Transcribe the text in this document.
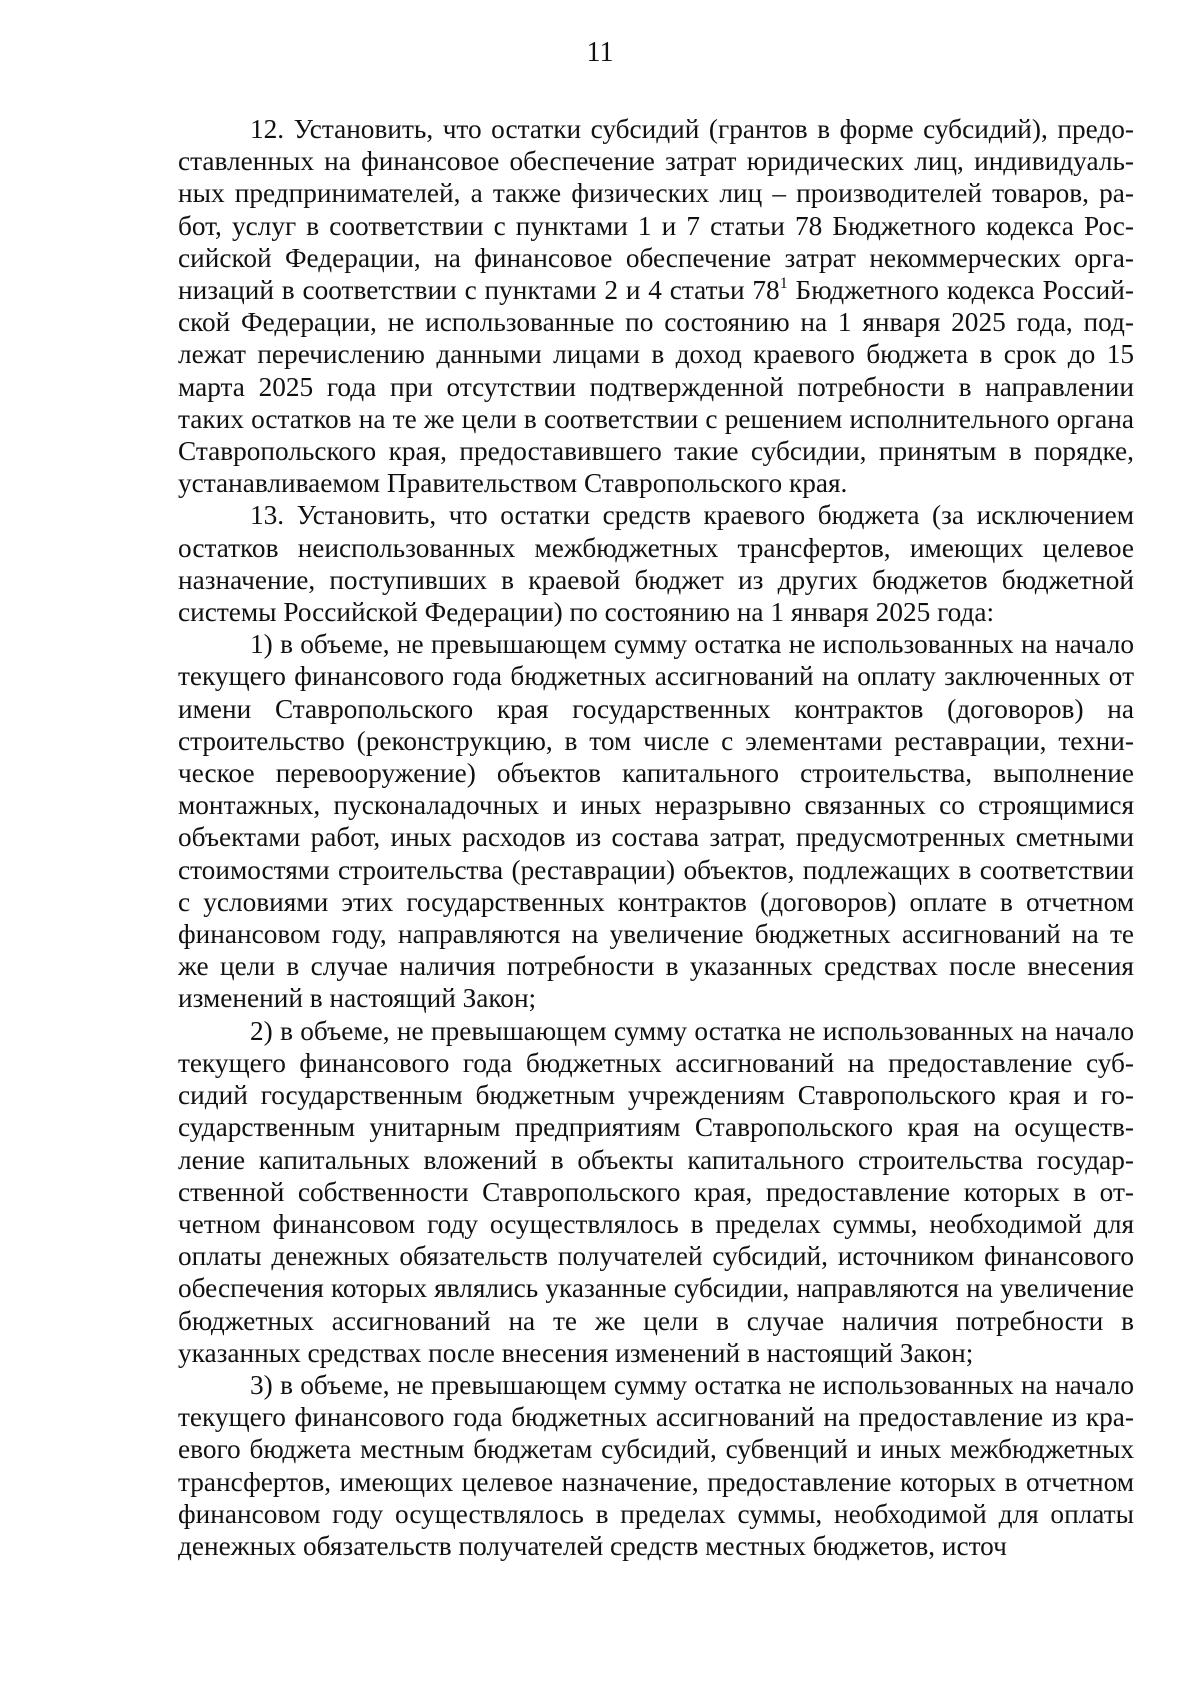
11

12. Установить, что остатки субсидий (грантов в форме субсидий), предоставленных на финансовое обеспечение затрат юридических лиц, индивидуальных предпринимателей, а также физических лиц – производителей товаров, работ, услуг в соответствии с пунктами 1 и 7 статьи 78 Бюджетного кодекса Российской Федерации, на финансовое обеспечение затрат некоммерческих организаций в соответствии с пунктами 2 и 4 статьи $78^1$ Бюджетного кодекса Российской Федерации, не использованные по состоянию на 1 января 2025 года, подлежат перечислению данными лицами в доход краевого бюджета в срок до 15 марта 2025 года при отсутствии подтвержденной потребности в направлении таких остатков на те же цели в соответствии с решением исполнительного органа Ставропольского края, предоставившего такие субсидии, принятым в порядке, устанавливаемом Правительством Ставропольского края.

13. Установить, что остатки средств краевого бюджета (за исключением остатков неиспользованных межбюджетных трансфертов, имеющих целевое назначение, поступивших в краевой бюджет из других бюджетов бюджетной системы Российской Федерации) по состоянию на 1 января 2025 года:

1) в объеме, не превышающем сумму остатка не использованных на начало текущего финансового года бюджетных ассигнований на оплату заключенных от имени Ставропольского края государственных контрактов (договоров) на строительство (реконструкцию, в том числе с элементами реставрации, техническое перевооружение) объектов капитального строительства, выполнение монтажных, пусконаладочных и иных неразрывно связанных со строящимися объектами работ, иных расходов из состава затрат, предусмотренных сметными стоимостями строительства (реставрации) объектов, подлежащих в соответствии с условиями этих государственных контрактов (договоров) оплате в отчетном финансовом году, направляются на увеличение бюджетных ассигнований на те же цели в случае наличия потребности в указанных средствах после внесения изменений в настоящий Закон;

2) в объеме, не превышающем сумму остатка не использованных на начало текущего финансового года бюджетных ассигнований на предоставление субсидий государственным бюджетным учреждениям Ставропольского края и государственным унитарным предприятиям Ставропольского края на осуществление капитальных вложений в объекты капитального строительства государственной собственности Ставропольского края, предоставление которых в отчетном финансовом году осуществлялось в пределах суммы, необходимой для оплаты денежных обязательств получателей субсидий, источником финансового обеспечения которых являлись указанные субсидии, направляются на увеличение бюджетных ассигнований на те же цели в случае наличия потребности в указанных средствах после внесения изменений в настоящий Закон;

3) в объеме, не превышающем сумму остатка не использованных на начало текущего финансового года бюджетных ассигнований на предоставление из краевого бюджета местным бюджетам субсидий, субвенций и иных межбюджетных трансфертов, имеющих целевое назначение, предоставление которых в отчетном финансовом году осуществлялось в пределах суммы, необходимой для оплаты денежных обязательств получателей средств местных бюджетов, источ
